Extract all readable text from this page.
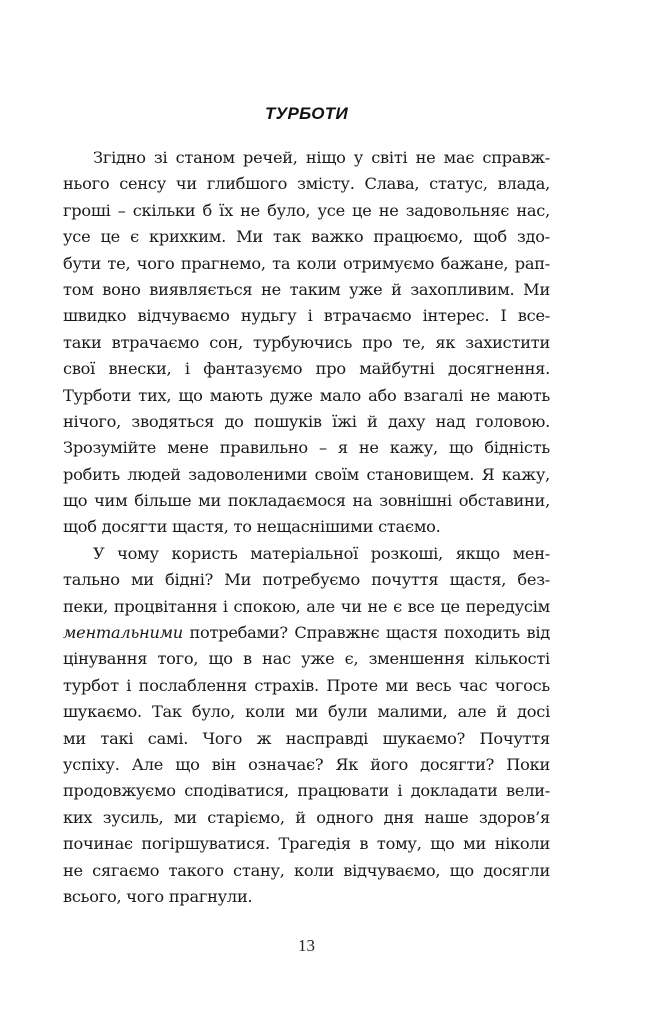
ТУРБОТИ
Згідно зі станом речей, ніщо у світі не має справж-
нього сенсу чи глибшого змісту. Слава, статус, влада,
гроші – скільки б їх не було, усе це не задовольняє нас,
усе це є крихким. Ми так важко працюємо, щоб здо-
бути те, чого прагнемо, та коли отримуємо бажане, рап-
том воно виявляється не таким уже й захопливим. Ми
швидко відчуваємо нудьгу і втрачаємо інтерес. І все-
таки втрачаємо сон, турбуючись про те, як захистити
свої внески, і фантазуємо про майбутні досягнення.
Турботи тих, що мають дуже мало або взагалі не мають
нічого, зводяться до пошуків їжі й даху над головою.
Зрозумійте мене правильно – я не кажу, що бідність
робить людей задоволеними своїм становищем. Я кажу,
що чим більше ми покладаємося на зовнішні обставини,
щоб досягти щастя, то нещаснішими стаємо.
У чому користь матеріальної розкоші, якщо мен-
тально ми бідні? Ми потребуємо почуття щастя, без-
пеки, процвітання і спокою, але чи не є все це передусім
ментальними потребами? Справжнє щастя походить від
цінування того, що в нас уже є, зменшення кількості
турбот і послаблення страхів. Проте ми весь час чогось
шукаємо. Так було, коли ми були малими, але й досі
ми такі самі. Чого ж насправді шукаємо? Почуття
успіху. Але що він означає? Як його досягти? Поки
продовжуємо сподіватися, працювати і докладати вели-
ких зусиль, ми старіємо, й одного дня наше здоров’я
починає погіршуватися. Трагедія в тому, що ми ніколи
не сягаємо такого стану, коли відчуваємо, що досягли
всього, чого прагнули.
13
